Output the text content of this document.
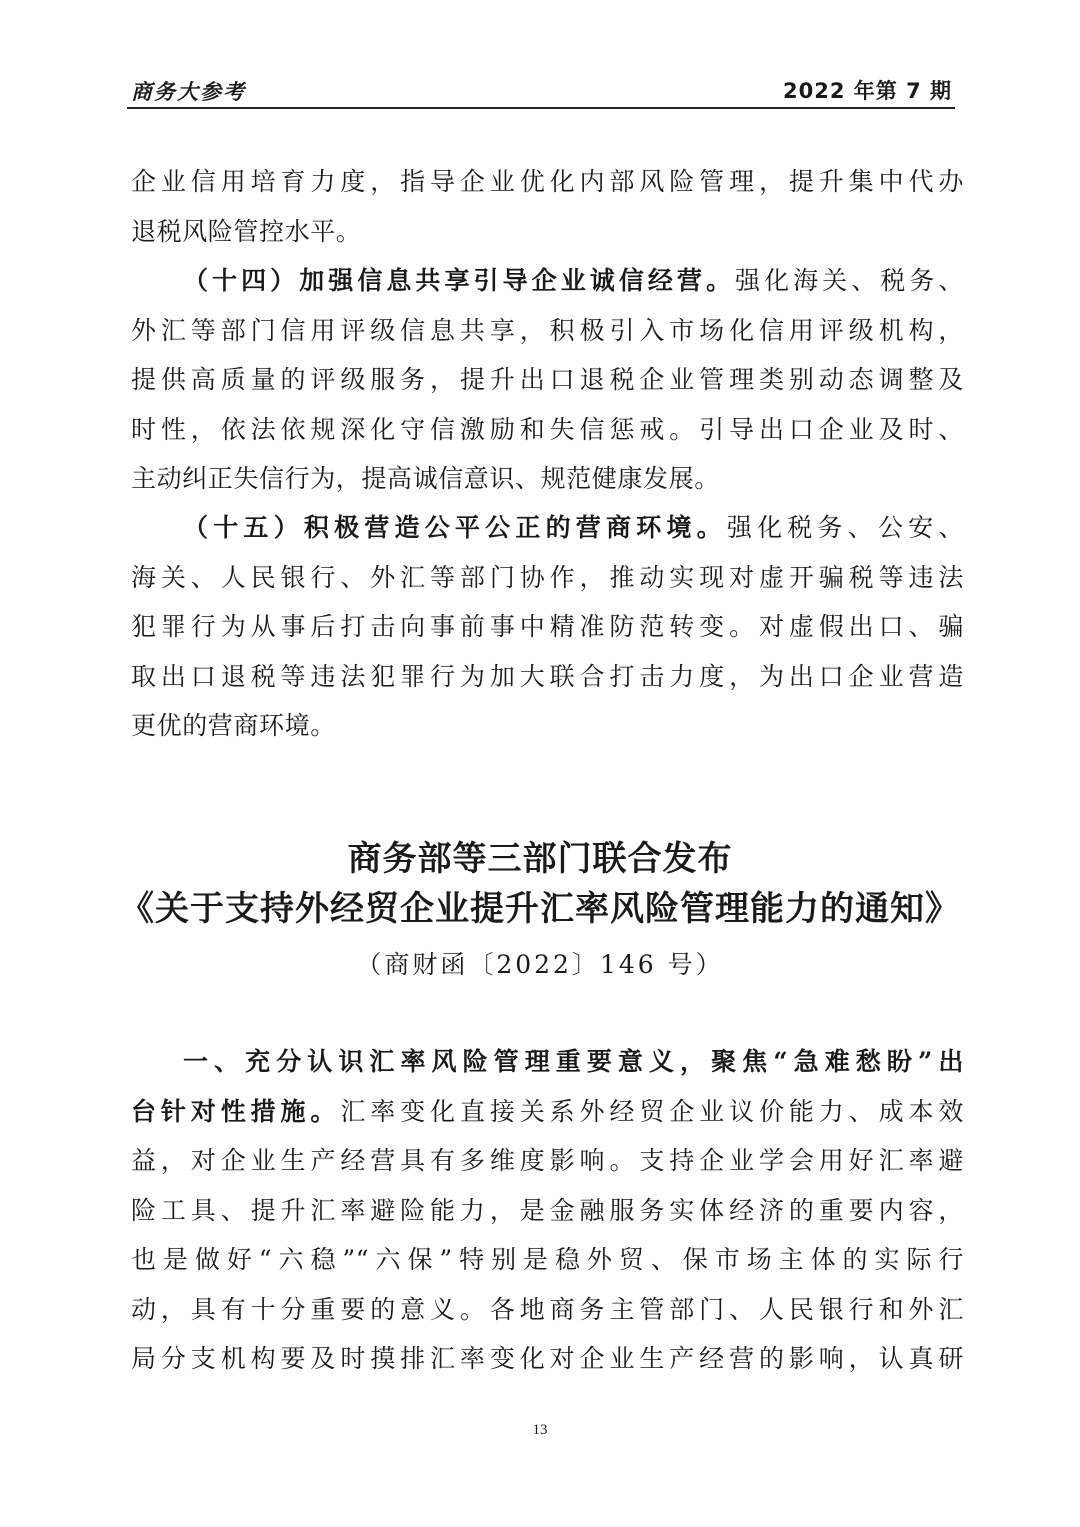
商务大参考	2022 年第 7 期
企业信用培育力度，指导企业优化内部风险管理，提升集中代办
退税风险管控水平。
（十四）加强信息共享引导企业诚信经营。强化海关、税务、
外汇等部门信用评级信息共享，积极引入市场化信用评级机构，
提供高质量的评级服务，提升出口退税企业管理类别动态调整及
时性，依法依规深化守信激励和失信惩戒。引导出口企业及时、
主动纠正失信行为，提高诚信意识、规范健康发展。
（十五）积极营造公平公正的营商环境。强化税务、公安、
海关、人民银行、外汇等部门协作，推动实现对虚开骗税等违法
犯罪行为从事后打击向事前事中精准防范转变。对虚假出口、骗
取出口退税等违法犯罪行为加大联合打击力度，为出口企业营造
更优的营商环境。
商务部等三部门联合发布
《关于支持外经贸企业提升汇率风险管理能力的通知》
（商财函〔2022〕146 号）
一、充分认识汇率风险管理重要意义，聚焦“急难愁盼”出
台针对性措施。汇率变化直接关系外经贸企业议价能力、成本效
益，对企业生产经营具有多维度影响。支持企业学会用好汇率避
险工具、提升汇率避险能力，是金融服务实体经济的重要内容，
也是做好“六稳”“六保”特别是稳外贸、保市场主体的实际行
动，具有十分重要的意义。各地商务主管部门、人民银行和外汇
局分支机构要及时摸排汇率变化对企业生产经营的影响，认真研
13
